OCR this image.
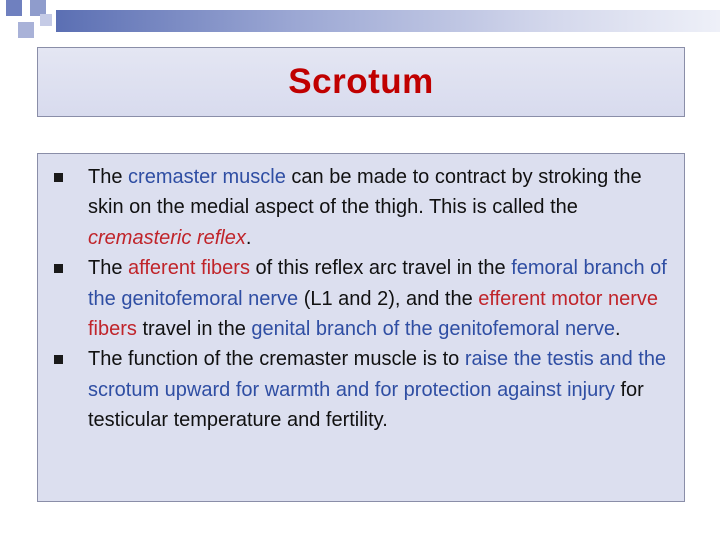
Scrotum
The cremaster muscle can be made to contract by stroking the skin on the medial aspect of the thigh. This is called the cremasteric reflex.
The afferent fibers of this reflex arc travel in the femoral branch of the genitofemoral nerve (L1 and 2), and the efferent motor nerve fibers travel in the genital branch of the genitofemoral nerve.
The function of the cremaster muscle is to raise the testis and the scrotum upward for warmth and for protection against injury for testicular temperature and fertility.
